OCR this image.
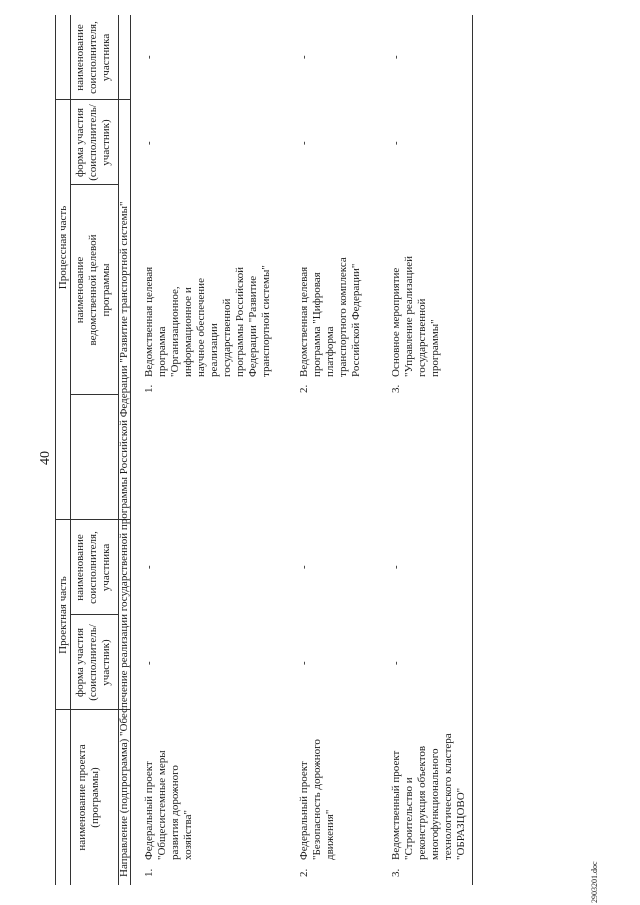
40
Проектная часть
Процессная часть
наименование проекта (программы)
форма участия (соисполнитель/ участник)
наименование соисполнителя, участника
наименование ведомственной целевой программы
форма участия (соисполнитель/ участник)
наименование соисполнителя, участника
Направление (подпрограмма) "Обеспечение реализации государственной программы Российской Федерации "Развитие транспортной системы" 1.
Федеральный проект "Общесистемные меры развития дорожного хозяйства"
-
-
1.
Ведомственная целевая программа "Организационное, информационное и научное обеспечение реализации государственной программы Российской Федерации "Развитие транспортной системы"
-
-
2.
Федеральный проект "Безопасность дорожного движения"
-
-
2.
Ведомственная целевая программа "Цифровая платформа транспортного комплекса Российской Федерации"
-
-
3.
Ведомственный проект "Строительство и реконструкция объектов многофункционального технологического кластера "ОБРАЗЦОВО"
-
-
3.
Основное мероприятие "Управление реализацией государственной программы"
-
-
2903201.doc
